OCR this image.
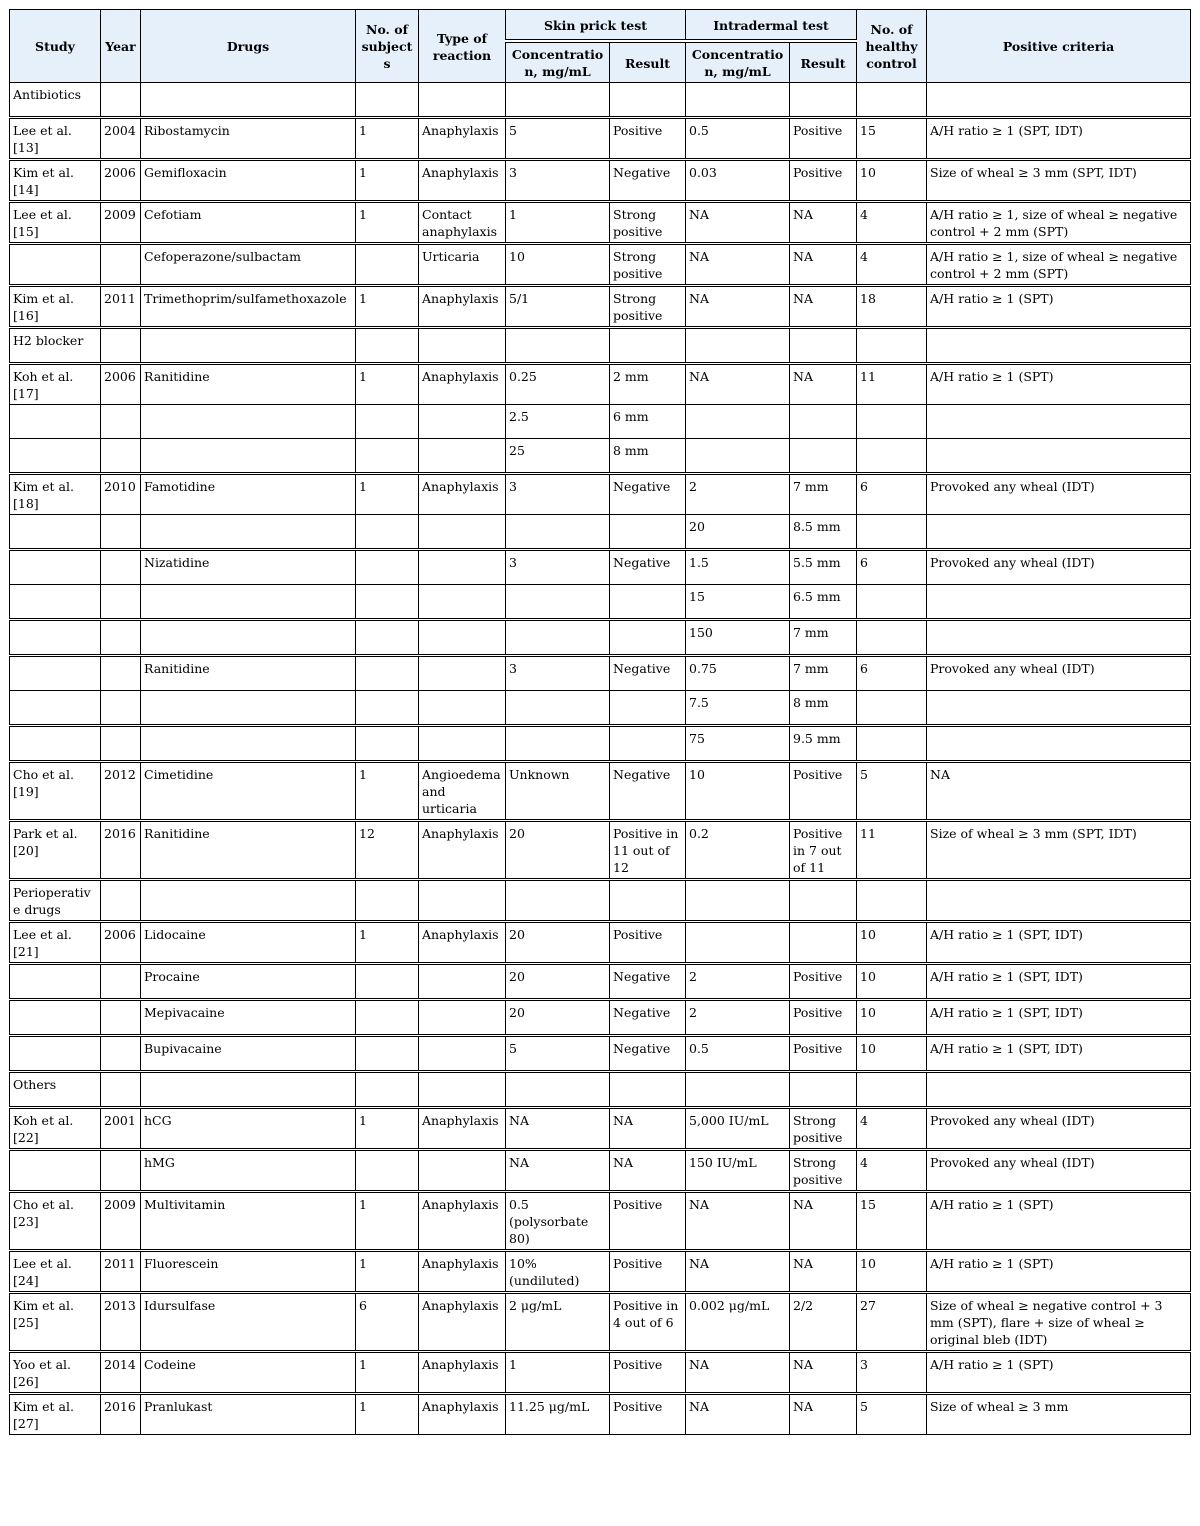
Study	Year	Drugs	No. of subjects	Type of reaction	Skin prick test		Intradermal test		No. of healthy control	Positive criteria
					Concentration, mg/mL	Result	Concentration, mg/mL	Result		
Antibiotics										
Lee et al. [13]	2004	Ribostamycin	1	Anaphylaxis	5	Positive	0.5	Positive	15	A/H ratio ≥ 1 (SPT, IDT)
Kim et al. [14]	2006	Gemifloxacin	1	Anaphylaxis	3	Negative	0.03	Positive	10	Size of wheal ≥ 3 mm (SPT, IDT)
Lee et al. [15]	2009	Cefotiam	1	Contact anaphylaxis	1	Strong positive	NA	NA	4	A/H ratio ≥ 1, size of wheal ≥ negative control + 2 mm (SPT)
		Cefoperazone/sulbactam		Urticaria	10	Strong positive	NA	NA	4	A/H ratio ≥ 1, size of wheal ≥ negative control + 2 mm (SPT)
Kim et al. [16]	2011	Trimethoprim/sulfamethoxazole	1	Anaphylaxis	5/1	Strong positive	NA	NA	18	A/H ratio ≥ 1 (SPT)
H2 blocker										
Koh et al. [17]	2006	Ranitidine	1	Anaphylaxis	0.25	2 mm	NA	NA	11	A/H ratio ≥ 1 (SPT)
					2.5	6 mm				
					25	8 mm				
Kim et al. [18]	2010	Famotidine	1	Anaphylaxis	3	Negative	2	7 mm	6	Provoked any wheal (IDT)
							20	8.5 mm		
		Nizatidine			3	Negative	1.5	5.5 mm	6	Provoked any wheal (IDT)
							15	6.5 mm		
							150	7 mm		
		Ranitidine			3	Negative	0.75	7 mm	6	Provoked any wheal (IDT)
							7.5	8 mm		
							75	9.5 mm		
Cho et al. [19]	2012	Cimetidine	1	Angioedema and urticaria	Unknown	Negative	10	Positive	5	NA
Park et al. [20]	2016	Ranitidine	12	Anaphylaxis	20	Positive in 11 out of 12	0.2	Positive in 7 out of 11	11	Size of wheal ≥ 3 mm (SPT, IDT)
Perioperative drugs										
Lee et al. [21]	2006	Lidocaine	1	Anaphylaxis	20	Positive			10	A/H ratio ≥ 1 (SPT, IDT)
		Procaine			20	Negative	2	Positive	10	A/H ratio ≥ 1 (SPT, IDT)
		Mepivacaine			20	Negative	2	Positive	10	A/H ratio ≥ 1 (SPT, IDT)
		Bupivacaine			5	Negative	0.5	Positive	10	A/H ratio ≥ 1 (SPT, IDT)
Others										
Koh et al. [22]	2001	hCG	1	Anaphylaxis	NA	NA	5,000 IU/mL	Strong positive	4	Provoked any wheal (IDT)
		hMG			NA	NA	150 IU/mL	Strong positive	4	Provoked any wheal (IDT)
Cho et al. [23]	2009	Multivitamin	1	Anaphylaxis	0.5 (polysorbate 80)	Positive	NA	NA	15	A/H ratio ≥ 1 (SPT)
Lee et al. [24]	2011	Fluorescein	1	Anaphylaxis	10% (undiluted)	Positive	NA	NA	10	A/H ratio ≥ 1 (SPT)
Kim et al. [25]	2013	Idursulfase	6	Anaphylaxis	2 μg/mL	Positive in 4 out of 6	0.002 μg/mL	2/2	27	Size of wheal ≥ negative control + 3 mm (SPT), flare + size of wheal ≥ original bleb (IDT)
Yoo et al. [26]	2014	Codeine	1	Anaphylaxis	1	Positive	NA	NA	3	A/H ratio ≥ 1 (SPT)
Kim et al. [27]	2016	Pranlukast	1	Anaphylaxis	11.25 μg/mL	Positive	NA	NA	5	Size of wheal ≥ 3 mm
